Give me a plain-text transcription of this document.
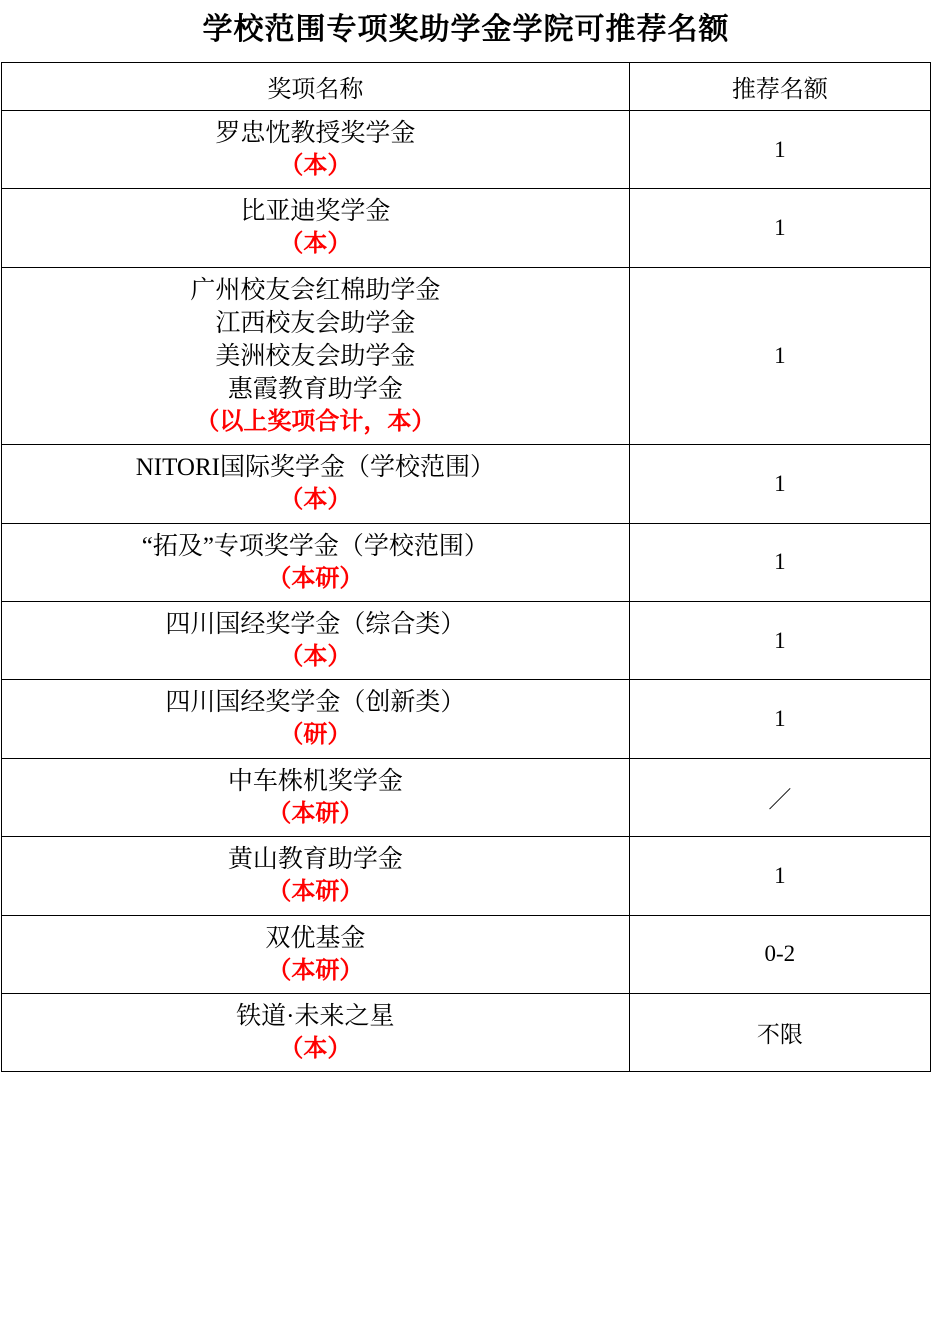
学校范围专项奖助学金学院可推荐名额
奖项名称	推荐名额

罗忠忱教授奖学金
（本）	1

比亚迪奖学金
（本）	1

广州校友会红棉助学金
江西校友会助学金
美洲校友会助学金
惠霞教育助学金
（以上奖项合计，本）	1

NITORI国际奖学金（学校范围）
（本）	1

“拓及”专项奖学金（学校范围）
（本研）	1

四川国经奖学金（综合类）
（本）	1

四川国经奖学金（创新类）
（研）	1

中车株机奖学金
（本研）	／

黄山教育助学金
（本研）	1

双优基金
（本研）	0-2

铁道·未来之星
（本）	不限
